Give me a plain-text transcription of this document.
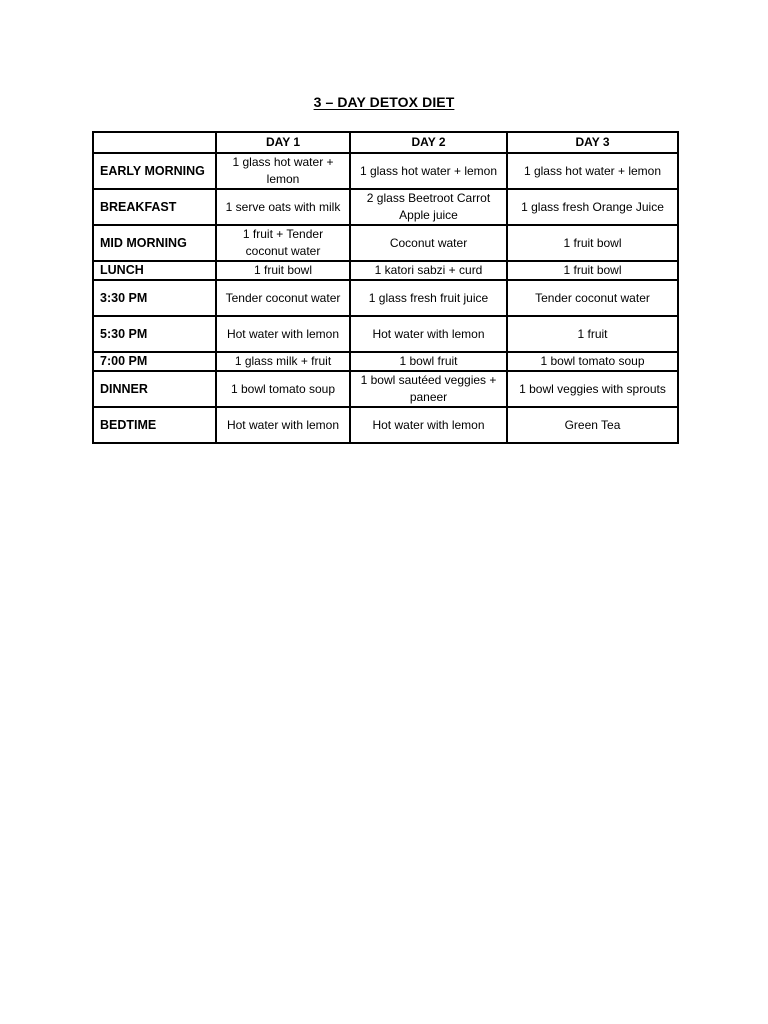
3 – DAY DETOX DIET
	DAY 1	DAY 2	DAY 3
EARLY MORNING	1 glass hot water + lemon	1 glass hot water + lemon	1 glass hot water + lemon
BREAKFAST	1 serve oats with milk	2 glass Beetroot Carrot Apple juice	1 glass fresh Orange Juice
MID MORNING	1 fruit + Tender coconut water	Coconut water	1 fruit bowl
LUNCH	1 fruit bowl	1 katori sabzi + curd	1 fruit bowl
3:30 PM	Tender coconut water	1 glass fresh fruit juice	Tender coconut water
5:30 PM	Hot water with lemon	Hot water with lemon	1 fruit
7:00 PM	1 glass milk + fruit	1 bowl fruit	1 bowl tomato soup
DINNER	1 bowl tomato soup	1 bowl sautéed veggies + paneer	1 bowl veggies with sprouts
BEDTIME	Hot water with lemon	Hot water with lemon	Green Tea
